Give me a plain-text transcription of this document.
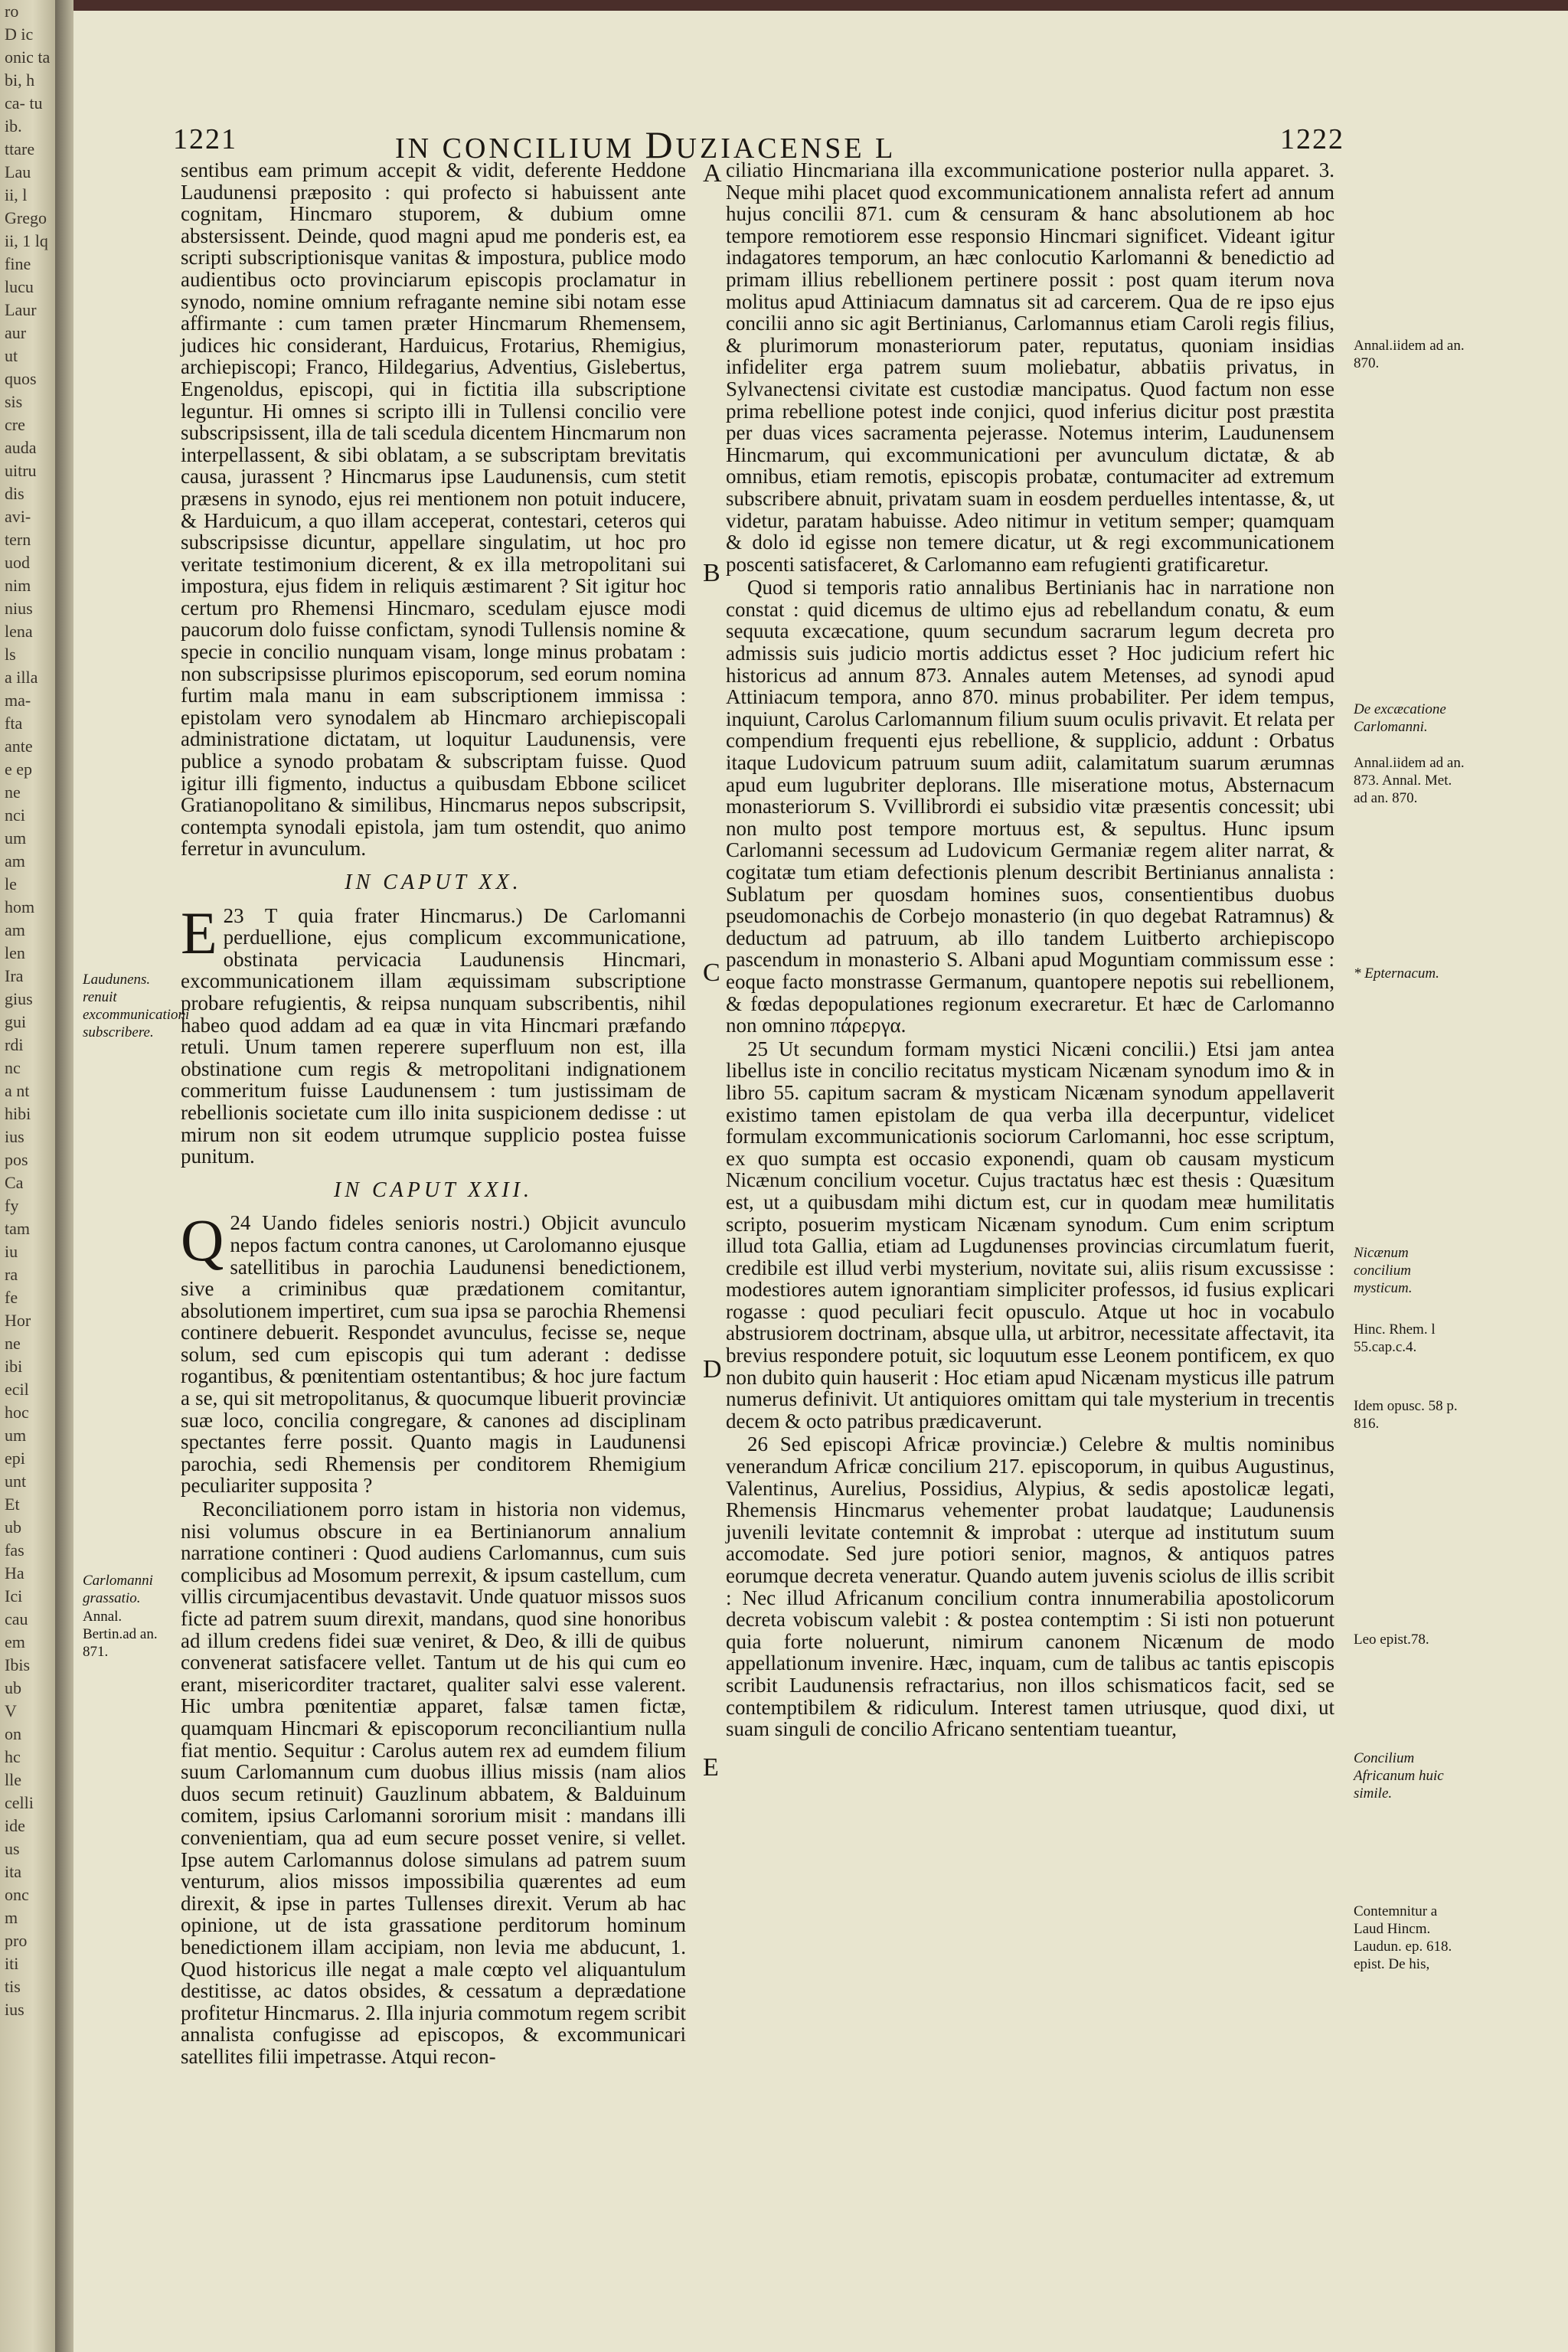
ro
D ic
onic ta
bi, h
ca- tu
ib.
ttare
Lau
ii, l
Grego
ii, 1 lq
fine
lucu
Laur
aur
ut
quos
sis
cre
auda
uitru
dis
avi-
tern
uod
nim
nius
lena
ls
a illa
ma-
fta
ante
e ep
ne
nci
um
am
le
hom
am
len
Ira
gius
gui
rdi
nc
a nt
hibi
ius
pos
Ca
fy
tam
iu
ra
fe
Hor
ne
ibi
ecil
hoc
um
epi
unt
Et
ub
fas
Ha
Ici
cau
em
Ibis
ub
V
on
hc
lle
celli
ide
us
ita
onc
m
pro
iti
tis
ius
1221	IN CONCILIUM DUZIACENSE L	1222

sentibus eam primum accepit & vidit, deferente Heddone Laudunensi præposito : qui profecto si habuissent ante cognitam, Hincmaro stuporem, & dubium omne abstersissent. Deinde, quod magni apud me ponderis est, ea scripti subscriptionisque vanitas & impostura, publice modo audientibus octo provinciarum episcopis proclamatur in synodo, nomine omnium refragante nemine sibi notam esse affirmante : cum tamen præter Hincmarum Rhemensem, judices hic considerant, Harduicus, Frotarius, Rhemigius, archiepiscopi; Franco, Hildegarius, Adventius, Gislebertus, Engenoldus, episcopi, qui in fictitia illa subscriptione leguntur. Hi omnes si scripto illi in Tullensi concilio vere subscripsissent, illa de tali scedula dicentem Hincmarum non interpellassent, & sibi oblatam, a se subscriptam brevitatis causa, jurassent ? Hincmarus ipse Laudunensis, cum stetit præsens in synodo, ejus rei mentionem non potuit inducere, & Harduicum, a quo illam acceperat, contestari, ceteros qui subscripsisse dicuntur, appellare singulatim, ut hoc pro veritate testimonium dicerent, & ex illa metropolitani sui impostura, ejus fidem in reliquis æstimarent ? Sit igitur hoc certum pro Rhemensi Hincmaro, scedulam ejusce modi paucorum dolo fuisse confictam, synodi Tullensis nomine & specie in concilio nunquam visam, longe minus probatam : non subscripsisse plurimos episcoporum, sed eorum nomina furtim mala manu in eam subscriptionem immissa : epistolam vero synodalem ab Hincmaro archiepiscopali administratione dictatam, ut loquitur Laudunensis, vere publice a synodo probatam & subscriptam fuisse. Quod igitur illi figmento, inductus a quibusdam Ebbone scilicet Gratianopolitano & similibus, Hincmarus nepos subscripsit, contempta synodali epistola, jam tum ostendit, quo animo ferretur in avunculum.

IN CAPUT XX.

23
E T quia frater Hincmarus.) De Carlomanni perduellione, ejus complicum excommunicatione, obstinata pervicacia Laudunensis Hincmari, excommunicationem illam æquissimam subscriptione probare refugientis, & reipsa nunquam subscribentis, nihil habeo quod addam ad ea quæ in vita Hincmari præfando retuli. Unum tamen reperere superfluum non est, illa obstinatione cum regis & metropolitani indignationem commeritum fuisse Laudunensem : tum justissimam de rebellionis societate cum illo inita suspicionem dedisse : ut mirum non sit eodem utrumque supplicio postea fuisse punitum.

IN CAPUT XXII.

24
Q Uando fideles senioris nostri.) Objicit avunculo nepos factum contra canones, ut Carolomanno ejusque satellitibus in parochia Laudunensi benedictionem, sive a criminibus quæ prædationem comitantur, absolutionem impertiret, cum sua ipsa se parochia Rhemensi continere debuerit. Respondet avunculus, fecisse se, neque solum, sed cum episcopis qui tum aderant : dedisse rogantibus, & pœnitentiam ostentantibus; & hoc jure factum a se, qui sit metropolitanus, & quocumque libuerit provinciæ suæ loco, concilia congregare, & canones ad disciplinam spectantes ferre possit. Quanto magis in Laudunensi parochia, sedi Rhemensis per conditorem Rhemigium peculiariter supposita ?

Reconciliationem porro istam in historia non videmus, nisi volumus obscure in ea Bertinianorum annalium narratione contineri : Quod audiens Carlomannus, cum suis complicibus ad Mosomum perrexit, & ipsum castellum, cum villis circumjacentibus devastavit. Unde quatuor missos suos ficte ad patrem suum direxit, mandans, quod sine honoribus ad illum credens fidei suæ veniret, & Deo, & illi de quibus convenerat satisfacere vellet. Tantum ut de his qui cum eo erant, misericorditer tractaret, qualiter salvi esse valerent. Hic umbra pœnitentiæ apparet, falsæ tamen fictæ, quamquam Hincmari & episcoporum reconciliantium nulla fiat mentio. Sequitur : Carolus autem rex ad eumdem filium suum Carlomannum cum duobus illius missis (nam alios duos secum retinuit) Gauzlinum abbatem, & Balduinum comitem, ipsius Carlomanni sororium misit : mandans illi convenientiam, qua ad eum secure posset venire, si vellet. Ipse autem Carlomannus dolose simulans ad patrem suum venturum, alios missos impossibilia quærentes ad eum direxit, & ipse in partes Tullenses direxit. Verum ab hac opinione, ut de ista grassatione perditorum hominum benedictionem illam accipiam, non levia me abducunt, 1. Quod historicus ille negat a male cœpto vel aliquantulum destitisse, ac datos obsides, & cessatum a deprædatione profitetur Hincmarus. 2. Illa injuria commotum regem scribit annalista confugisse ad episcopos, & excommunicari satellites filii impetrasse. Atqui recon-

ciliatio Hincmariana illa excommunicatione posterior nulla apparet. 3. Neque mihi placet quod excommunicationem annalista refert ad annum hujus concilii 871. cum & censuram & hanc absolutionem ab hoc tempore remotiorem esse responsio Hincmari significet. Videant igitur indagatores temporum, an hæc conlocutio Karlomanni & benedictio ad primam illius rebellionem pertinere possit : post quam iterum nova molitus apud Attiniacum damnatus sit ad carcerem. Qua de re ipso ejus concilii anno sic agit Bertinianus, Carlomannus etiam Caroli regis filius, & plurimorum monasteriorum pater, reputatus, quoniam insidias infideliter erga patrem suum moliebatur, abbatiis privatus, in Sylvanectensi civitate est custodiæ mancipatus. Quod factum non esse prima rebellione potest inde conjici, quod inferius dicitur post præstita per duas vices sacramenta pejerasse. Notemus interim, Laudunensem Hincmarum, qui excommunicationi per avunculum dictatæ, & ab omnibus, etiam remotis, episcopis probatæ, contumaciter ad extremum subscribere abnuit, privatam suam in eosdem perduelles intentasse, &, ut videtur, paratam habuisse. Adeo nitimur in vetitum semper; quamquam & dolo id egisse non temere dicatur, ut & regi excommunicationem poscenti satisfaceret, & Carlomanno eam refugienti gratificaretur.

Quod si temporis ratio annalibus Bertinianis hac in narratione non constat : quid dicemus de ultimo ejus ad rebellandum conatu, & eum sequuta excæcatione, quum secundum sacrarum legum decreta pro admissis suis judicio mortis addictus esset ? Hoc judicium refert hic historicus ad annum 873. Annales autem Metenses, ad synodi apud Attiniacum tempora, anno 870. minus probabiliter. Per idem tempus, inquiunt, Carolus Carlomannum filium suum oculis privavit. Et relata per compendium frequenti ejus rebellione, & supplicio, addunt : Orbatus itaque Ludovicum patruum suum adiit, calamitatum suarum ærumnas apud eum lugubriter deplorans. Ille miseratione motus, Absternacum monasteriorum S. Vvillibrordi ei subsidio vitæ præsentis concessit; ubi non multo post tempore mortuus est, & sepultus. Hunc ipsum Carlomanni secessum ad Ludovicum Germaniæ regem aliter narrat, & cogitatæ tum etiam defectionis plenum describit Bertinianus annalista : Sublatum per quosdam homines suos, consentientibus duobus pseudomonachis de Corbejo monasterio (in quo degebat Ratramnus) & deductum ad patruum, ab illo tandem Luitberto archiepiscopo pascendum in monasterio S. Albani apud Moguntiam commissum esse : eoque facto monstrasse Germanum, quantopere nepotis sui rebellionem, & fœdas depopulationes regionum execraretur. Et hæc de Carlomanno non omnino πάρεργα.

25 Ut secundum formam mystici Nicæni concilii.) Etsi jam antea libellus iste in concilio recitatus mysticam Nicænam synodum imo & in libro 55. capitum sacram & mysticam Nicænam synodum appellaverit existimo tamen epistolam de qua verba illa decerpuntur, videlicet formulam excommunicationis sociorum Carlomanni, hoc esse scriptum, ex quo sumpta est occasio exponendi, quam ob causam mysticum Nicænum concilium vocetur. Cujus tractatus hæc est thesis : Quæsitum est, ut a quibusdam mihi dictum est, cur in quodam meæ humilitatis scripto, posuerim mysticam Nicænam synodum. Cum enim scriptum illud tota Gallia, etiam ad Lugdunenses provincias circumlatum fuerit, credibile est illud verbi mysterium, novitate sui, aliis risum excussisse : modestiores autem ignorantiam simpliciter professos, id fusius explicari rogasse : quod peculiari fecit opusculo. Atque ut hoc in vocabulo abstrusiorem doctrinam, absque ulla, ut arbitror, necessitate affectavit, ita brevius respondere potuit, sic loquutum esse Leonem pontificem, ex quo non dubito quin hauserit : Hoc etiam apud Nicænam mysticus ille patrum numerus definivit. Ut antiquiores omittam qui tale mysterium in trecentis decem & octo patribus prædicaverunt.

26 Sed episcopi Africæ provinciæ.) Celebre & multis nominibus venerandum Africæ concilium 217. episcoporum, in quibus Augustinus, Valentinus, Aurelius, Possidius, Alypius, & sedis apostolicæ legati, Rhemensis Hincmarus vehementer probat laudatque; Laudunensis juvenili levitate contemnit & improbat : uterque ad institutum suum accomodate. Sed jure potiori senior, magnos, & antiquos patres eorumque decreta veneratur. Quando autem juvenis sciolus de illis scribit : Nec illud Africanum concilium contra innumerabilia apostolicorum decreta vobiscum valebit : & postea contemptim : Si isti non potuerunt quia forte noluerunt, nimirum canonem Nicænum de modo appellationum invenire. Hæc, inquam, cum de talibus ac tantis episcopis scribit Laudunensis refractarius, non illos schismaticos facit, sed se contemptibilem & ridiculum. Interest tamen utriusque, quod dixi, ut suam singuli de concilio Africano sententiam tueantur,

A
B
C
D
E
Laudunens. renuit excommunicationi subscribere.
Carlomanni grassatio.
Annal. Bertin.ad an. 871.
Annal.iidem ad an. 870.
De excæcatione Carlomanni.
Annal.iidem ad an. 873. Annal. Met. ad an. 870.
* Epternacum.
Nicænum concilium mysticum.
Hinc. Rhem. l 55.cap.c.4.
Idem opusc. 58 p. 816.
Leo epist.78.
Concilium Africanum huic simile.
Contemnitur a Laud Hincm. Laudun. ep. 618. epist. De his,
